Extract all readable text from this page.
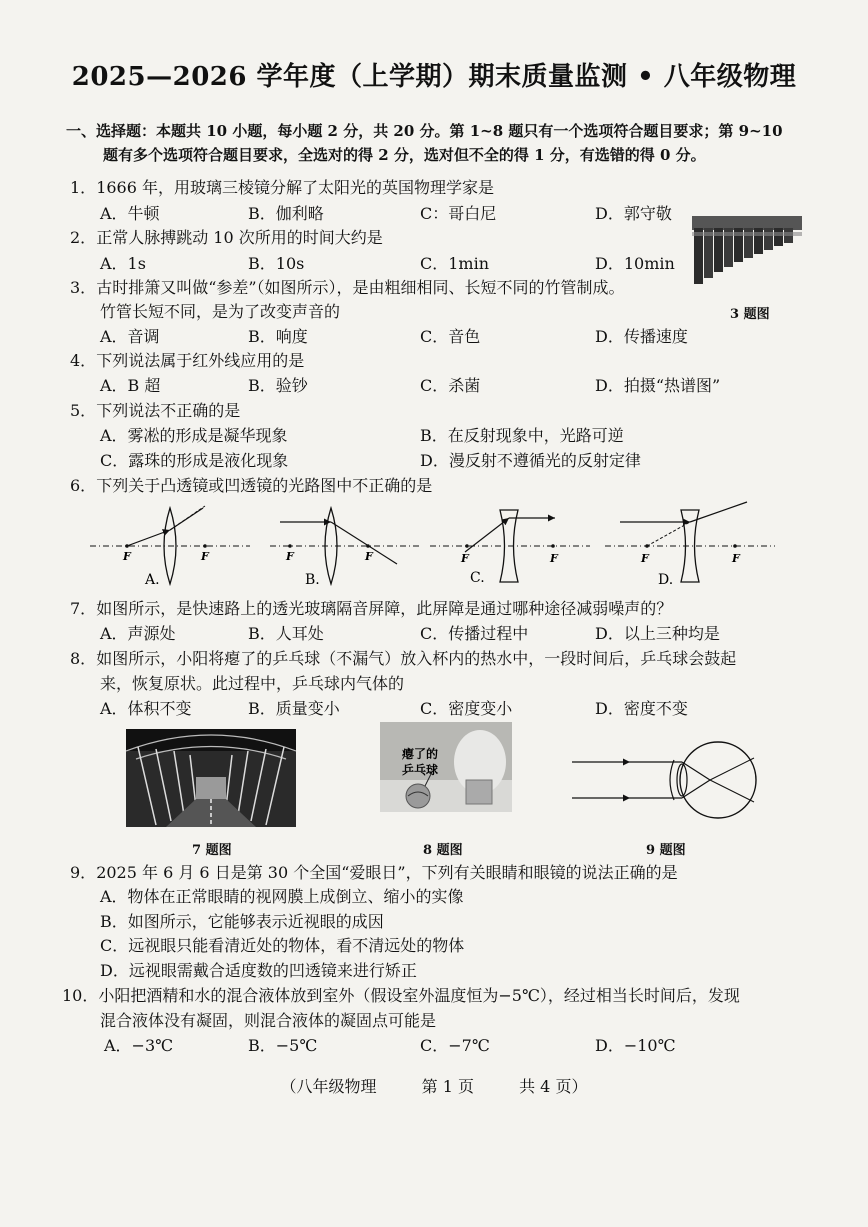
2025—2026 学年度（上学期）期末质量监测 • 八年级物理
一、选择题：本题共 10 小题，每小题 2 分，共 20 分。第 1~8 题只有一个选项符合题目要求；第 9~10
题有多个选项符合题目要求，全选对的得 2 分，选对但不全的得 1 分，有选错的得 0 分。
1．1666 年，用玻璃三棱镜分解了太阳光的英国物理学家是
A．牛顿	B．伽利略	C：哥白尼	D．郭守敬
2．正常人脉搏跳动 10 次所用的时间大约是
A．1s	B．10s	C．1min	D．10min
3．古时排箫又叫做“参差”（如图所示），是由粗细相同、长短不同的竹管制成。
竹管长短不同，是为了改变声音的
A．音调	B．响度	C．音色	D．传播速度
3 题图
4．下列说法属于红外线应用的是
A．B 超	B．验钞	C．杀菌	D．拍摄“热谱图”
5．下列说法不正确的是
A．雾凇的形成是凝华现象	B．在反射现象中，光路可逆
C．露珠的形成是液化现象	D．漫反射不遵循光的反射定律
6．下列关于凸透镜或凹透镜的光路图中不正确的是
F	F
A.
F	F
B.
F	F
C.
F	F
D.
7．如图所示，是快速路上的透光玻璃隔音屏障，此屏障是通过哪种途径减弱噪声的？
A．声源处	B．人耳处	C．传播过程中	D．以上三种均是
8．如图所示，小阳将瘪了的乒乓球（不漏气）放入杯内的热水中，一段时间后，乒乓球会鼓起
来，恢复原状。此过程中，乒乓球内气体的
A．体积不变	B．质量变小	C．密度变小	D．密度不变
7 题图
瘪了的
乒乓球
8 题图	9 题图
9．2025 年 6 月 6 日是第 30 个全国“爱眼日”，下列有关眼睛和眼镜的说法正确的是
A．物体在正常眼睛的视网膜上成倒立、缩小的实像
B．如图所示，它能够表示近视眼的成因
C．远视眼只能看清近处的物体，看不清远处的物体
D．远视眼需戴合适度数的凹透镜来进行矫正
10．小阳把酒精和水的混合液体放到室外（假设室外温度恒为−5℃），经过相当长时间后，发现
混合液体没有凝固，则混合液体的凝固点可能是
A．−3℃	B．−5℃	C．−7℃	D．−10℃
（八年级物理	第 1 页	共 4 页）
